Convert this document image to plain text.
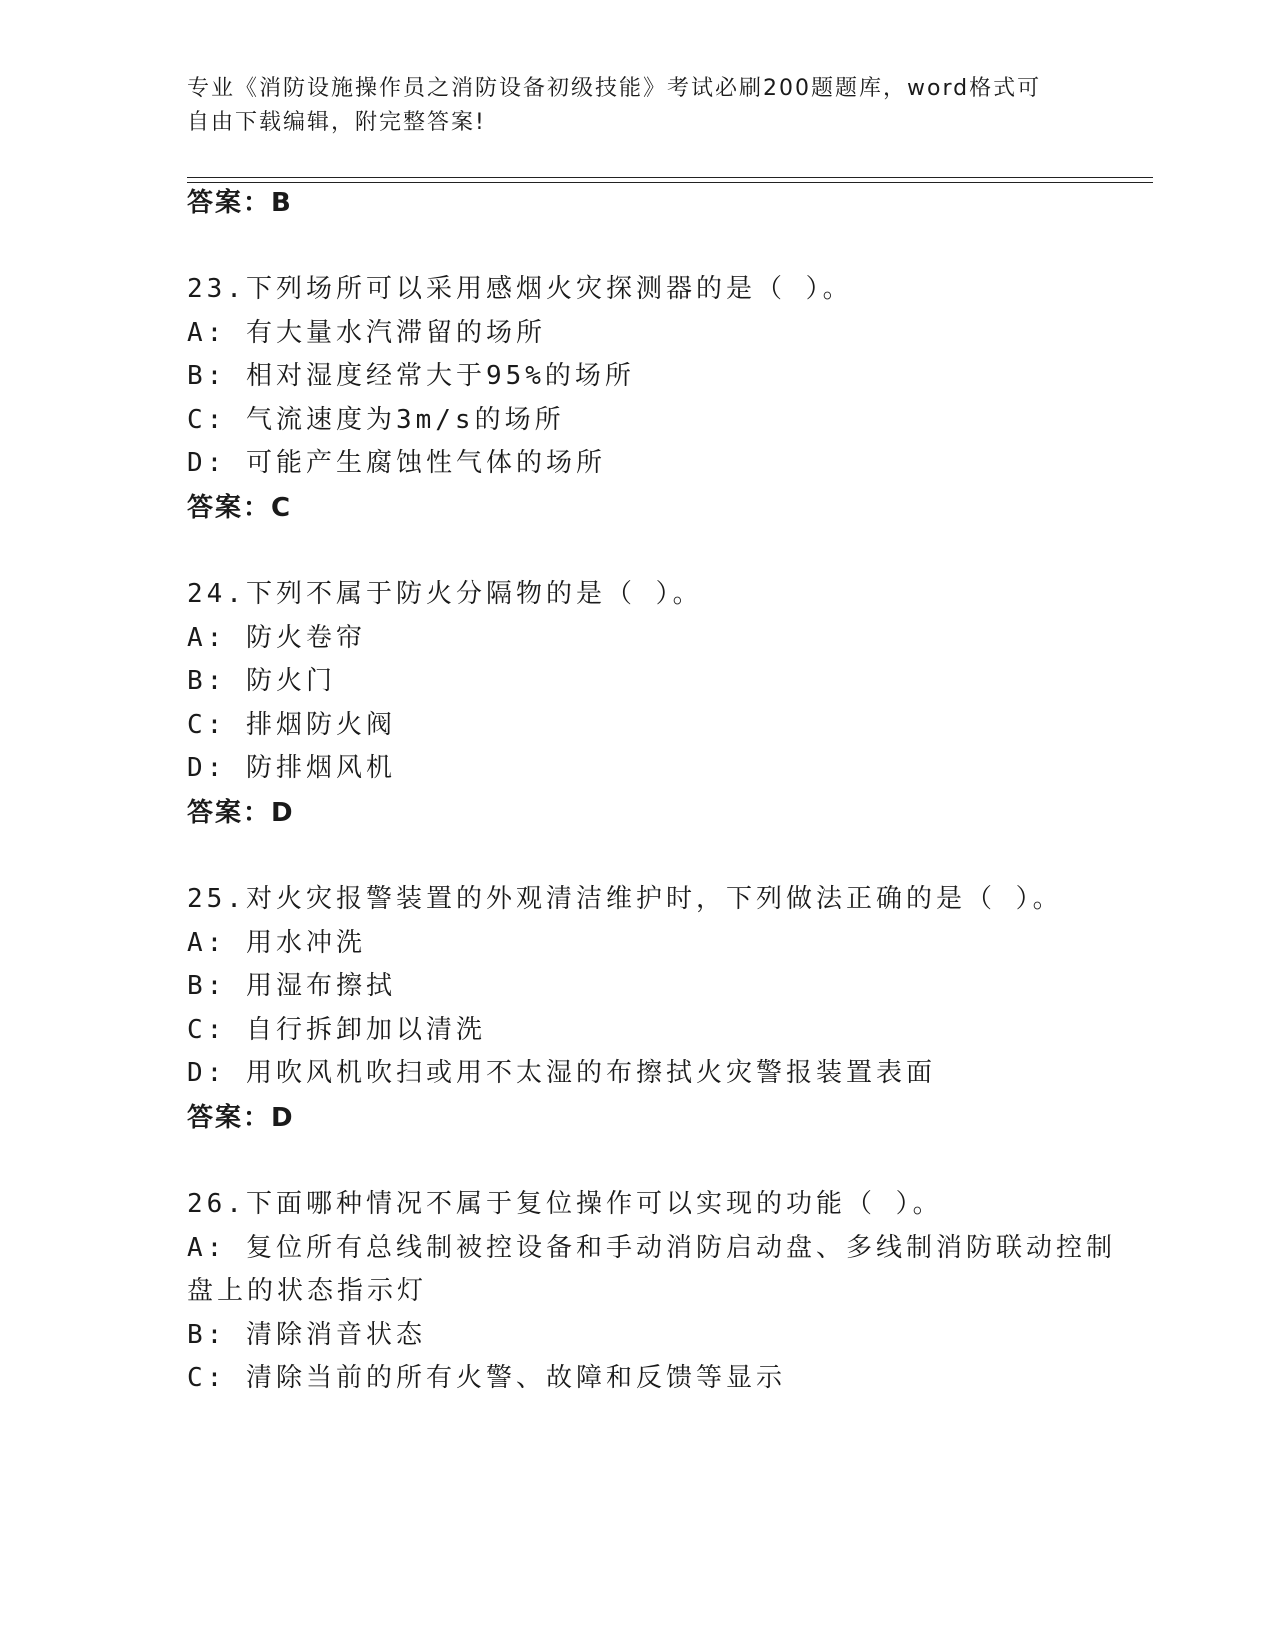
专业《消防设施操作员之消防设备初级技能》考试必刷200题题库，word格式可
自由下载编辑，附完整答案!
答案：B
23.下列场所可以采用感烟火灾探测器的是（ ）。
A: 有大量水汽滞留的场所
B: 相对湿度经常大于95%的场所
C: 气流速度为3m/s的场所
D: 可能产生腐蚀性气体的场所
答案：C
24.下列不属于防火分隔物的是（ ）。
A: 防火卷帘
B: 防火门
C: 排烟防火阀
D: 防排烟风机
答案：D
25.对火灾报警装置的外观清洁维护时，下列做法正确的是（ ）。
A: 用水冲洗
B: 用湿布擦拭
C: 自行拆卸加以清洗
D: 用吹风机吹扫或用不太湿的布擦拭火灾警报装置表面
答案：D
26.下面哪种情况不属于复位操作可以实现的功能（ ）。
A: 复位所有总线制被控设备和手动消防启动盘、多线制消防联动控制
盘上的状态指示灯
B: 清除消音状态
C: 清除当前的所有火警、故障和反馈等显示
